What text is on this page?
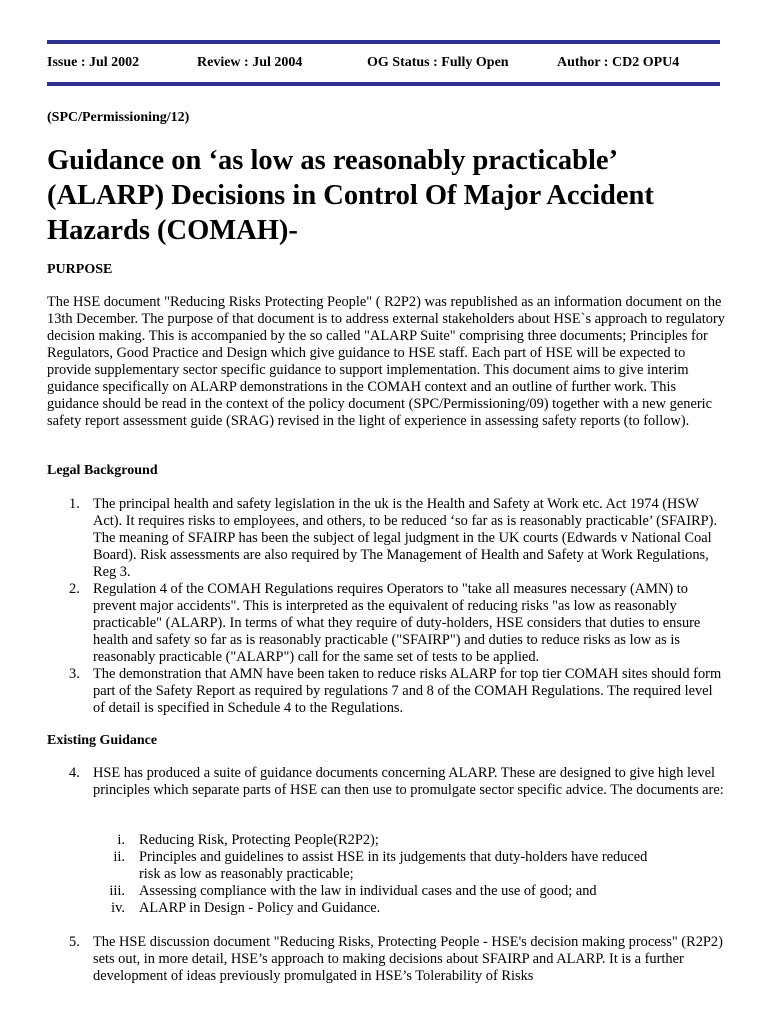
Issue : Jul 2002	Review : Jul 2004	OG Status : Fully Open	Author : CD2 OPU4
(SPC/Permissioning/12)
Guidance on ‘as low as reasonably practicable’ (ALARP) Decisions in Control Of Major Accident Hazards (COMAH)-
PURPOSE

The HSE document "Reducing Risks Protecting People" ( R2P2) was republished as an information document on the 13th December. The purpose of that document is to address external stakeholders about HSE`s approach to regulatory decision making. This is accompanied by the so called "ALARP Suite" comprising three documents; Principles for Regulators, Good Practice and Design which give guidance to HSE staff. Each part of HSE will be expected to provide supplementary sector specific guidance to support implementation. This document aims to give interim guidance specifically on ALARP demonstrations in the COMAH context and an outline of further work. This guidance should be read in the context of the policy document (SPC/Permissioning/09) together with a new generic safety report assessment guide (SRAG) revised in the light of experience in assessing safety reports (to follow).

Legal Background
1. The principal health and safety legislation in the uk is the Health and Safety at Work etc. Act 1974 (HSW Act). It requires risks to employees, and others, to be reduced ‘so far as is reasonably practicable’ (SFAIRP). The meaning of SFAIRP has been the subject of legal judgment in the UK courts (Edwards v National Coal Board). Risk assessments are also required by The Management of Health and Safety at Work Regulations, Reg 3.
2. Regulation 4 of the COMAH Regulations requires Operators to "take all measures necessary (AMN) to prevent major accidents". This is interpreted as the equivalent of reducing risks "as low as reasonably practicable" (ALARP). In terms of what they require of duty-holders, HSE considers that duties to ensure health and safety so far as is reasonably practicable ("SFAIRP") and duties to reduce risks as low as is reasonably practicable ("ALARP") call for the same set of tests to be applied.
3. The demonstration that AMN have been taken to reduce risks ALARP for top tier COMAH sites should form part of the Safety Report as required by regulations 7 and 8 of the COMAH Regulations. The required level of detail is specified in Schedule 4 to the Regulations.
Existing Guidance
4. HSE has produced a suite of guidance documents concerning ALARP. These are designed to give high level principles which separate parts of HSE can then use to promulgate sector specific advice. The documents are:
i. Reducing Risk, Protecting People(R2P2);
ii. Principles and guidelines to assist HSE in its judgements that duty-holders have reduced risk as low as reasonably practicable;
iii. Assessing compliance with the law in individual cases and the use of good; and
iv. ALARP in Design - Policy and Guidance.
5. The HSE discussion document "Reducing Risks, Protecting People - HSE's decision making process" (R2P2) sets out, in more detail, HSE’s approach to making decisions about SFAIRP and ALARP. It is a further development of ideas previously promulgated in HSE’s Tolerability of Risks
